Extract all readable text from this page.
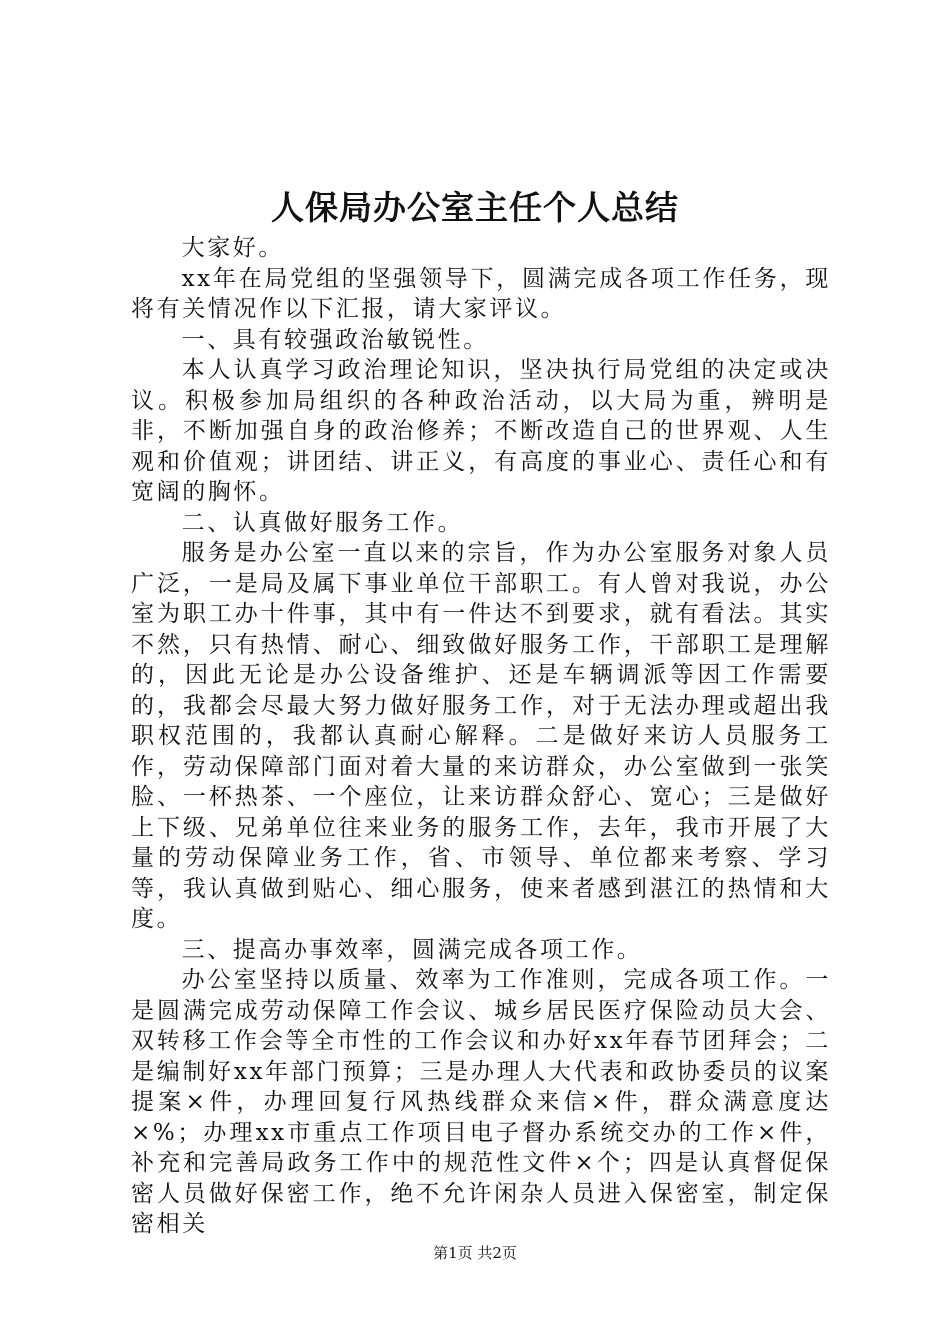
人保局办公室主任个人总结

大家好。

xx年在局党组的坚强领导下，圆满完成各项工作任务，现将有关情况作以下汇报，请大家评议。

一、具有较强政治敏锐性。

本人认真学习政治理论知识，坚决执行局党组的决定或决议。积极参加局组织的各种政治活动，以大局为重，辨明是非，不断加强自身的政治修养；不断改造自己的世界观、人生观和价值观；讲团结、讲正义，有高度的事业心、责任心和有宽阔的胸怀。

二、认真做好服务工作。

服务是办公室一直以来的宗旨，作为办公室服务对象人员广泛，一是局及属下事业单位干部职工。有人曾对我说，办公室为职工办十件事，其中有一件达不到要求，就有看法。其实不然，只有热情、耐心、细致做好服务工作，干部职工是理解的，因此无论是办公设备维护、还是车辆调派等因工作需要的，我都会尽最大努力做好服务工作，对于无法办理或超出我职权范围的，我都认真耐心解释。二是做好来访人员服务工作，劳动保障部门面对着大量的来访群众，办公室做到一张笑脸、一杯热茶、一个座位，让来访群众舒心、宽心；三是做好上下级、兄弟单位往来业务的服务工作，去年，我市开展了大量的劳动保障业务工作，省、市领导、单位都来考察、学习等，我认真做到贴心、细心服务，使来者感到湛江的热情和大度。

三、提高办事效率，圆满完成各项工作。

办公室坚持以质量、效率为工作准则，完成各项工作。一是圆满完成劳动保障工作会议、城乡居民医疗保险动员大会、双转移工作会等全市性的工作会议和办好xx年春节团拜会；二是编制好xx年部门预算；三是办理人大代表和政协委员的议案提案×件，办理回复行风热线群众来信×件，群众满意度达×%；办理xx市重点工作项目电子督办系统交办的工作×件，补充和完善局政务工作中的规范性文件×个；四是认真督促保密人员做好保密工作，绝不允许闲杂人员进入保密室，制定保密相关

第1页 共2页
